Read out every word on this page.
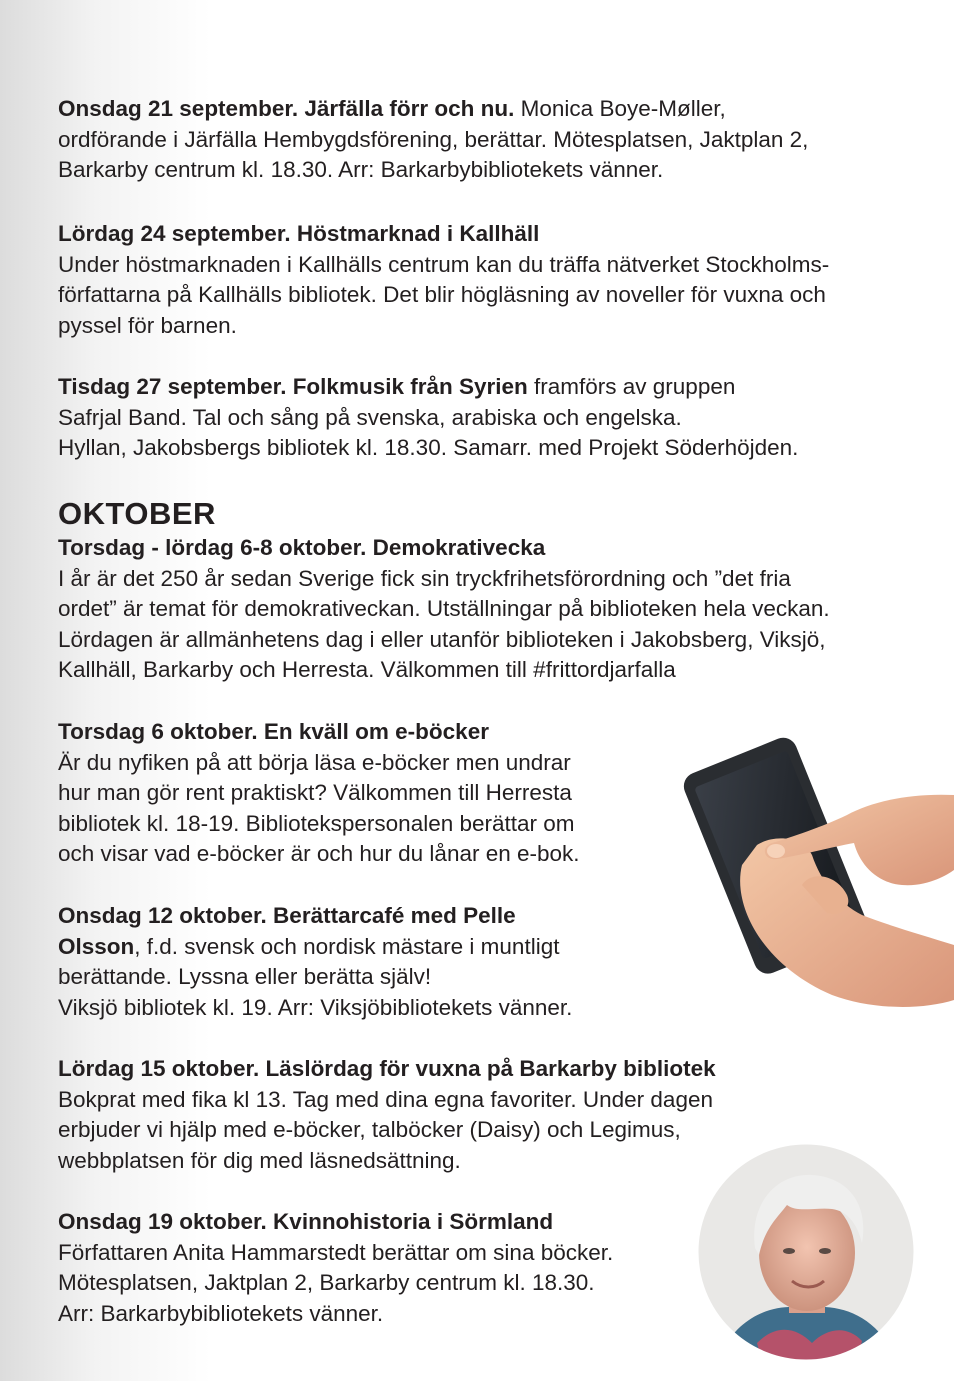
Onsdag 21 september. Järfälla förr och nu. Monica Boye-Møller,
ordförande i Järfälla Hembygdsförening, berättar. Mötesplatsen, Jaktplan 2,
Barkarby centrum kl. 18.30. Arr: Barkarbybibliotekets vänner.

Lördag 24 september. Höstmarknad i Kallhäll
Under höstmarknaden i Kallhälls centrum kan du träffa nätverket Stockholms-
författarna på Kallhälls bibliotek. Det blir högläsning av noveller för vuxna och
pyssel för barnen.

Tisdag 27 september. Folkmusik från Syrien framförs av gruppen
Safrjal Band. Tal och sång på svenska, arabiska och engelska.
Hyllan, Jakobsbergs bibliotek kl. 18.30. Samarr. med Projekt Söderhöjden.

OKTOBER

Torsdag - lördag 6-8 oktober. Demokrativecka
I år är det 250 år sedan Sverige fick sin tryckfrihetsförordning och ”det fria
ordet” är temat för demokrativeckan. Utställningar på biblioteken hela veckan.
Lördagen är allmänhetens dag i eller utanför biblioteken i Jakobsberg, Viksjö,
Kallhäll, Barkarby och Herresta. Välkommen till #frittordjarfalla

Torsdag 6 oktober. En kväll om e-böcker
Är du nyfiken på att börja läsa e-böcker men undrar
hur man gör rent praktiskt? Välkommen till Herresta
bibliotek kl. 18-19. Bibliotekspersonalen berättar om
och visar vad e-böcker är och hur du lånar en e-bok.

Onsdag 12 oktober. Berättarcafé med Pelle
Olsson, f.d. svensk och nordisk mästare i muntligt
berättande. Lyssna eller berätta själv!
Viksjö bibliotek kl. 19. Arr: Viksjöbibliotekets vänner.

Lördag 15 oktober. Läslördag för vuxna på Barkarby bibliotek
Bokprat med fika kl 13. Tag med dina egna favoriter. Under dagen
erbjuder vi hjälp med e-böcker, talböcker (Daisy) och Legimus,
webbplatsen för dig med läsnedsättning.

Onsdag 19 oktober. Kvinnohistoria i Sörmland
Författaren Anita Hammarstedt berättar om sina böcker.
Mötesplatsen, Jaktplan 2, Barkarby centrum kl. 18.30.
Arr: Barkarbybibliotekets vänner.
